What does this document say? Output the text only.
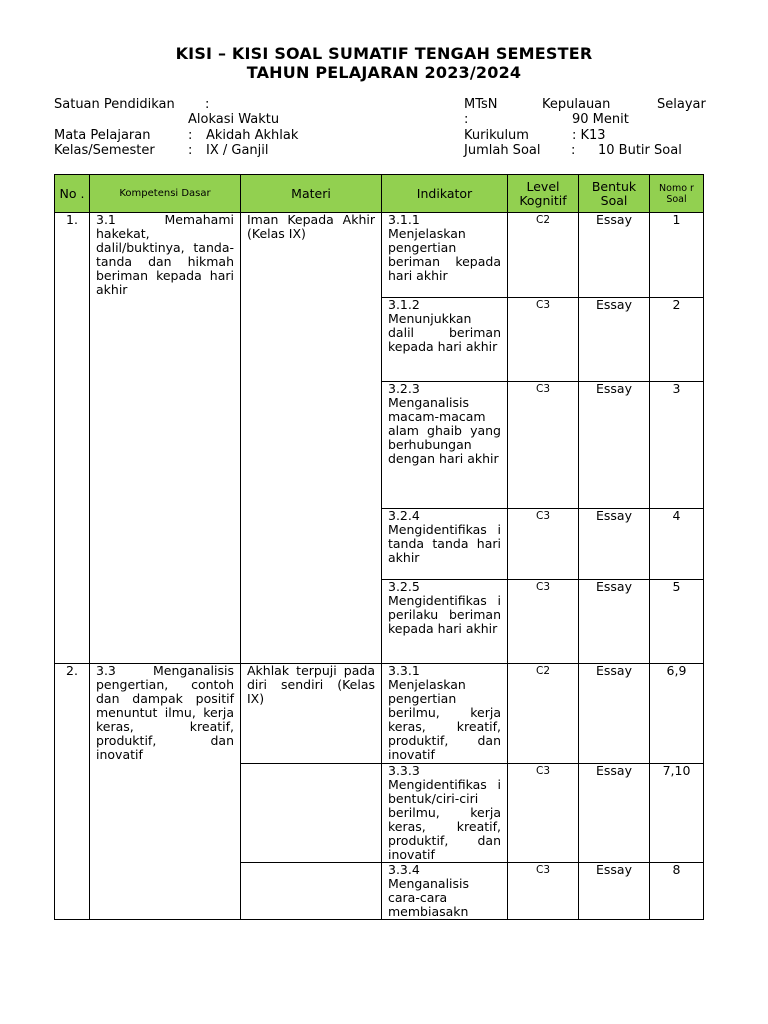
KISI – KISI SOAL SUMATIF TENGAH SEMESTER
TAHUN PELAJARAN 2023/2024
Satuan Pendidikan :
Alokasi Waktu
Mata Pelajaran	: Akidah Akhlak
Kelas/Semester	: IX / Ganjil
MTsN	Kepulauan	Selayar
:	90 Menit
Kurikulum	: K13
Jumlah Soal : 10 Butir Soal
No .	Kompetensi Dasar	Materi	Indikator	Level Kognitif	Bentuk Soal	Nomo r Soal
1.	3.1 Memahami hakekat, dalil/buktinya, tanda-tanda dan hikmah beriman kepada hari akhir	Iman Kepada Akhir (Kelas IX)	3.1.1 Menjelaskan pengertian beriman kepada hari akhir	C2	Essay	1
			3.1.2 Menunjukkan dalil beriman kepada hari akhir	C3	Essay	2
			3.2.3 Menganalisis macam-macam alam ghaib yang berhubungan dengan hari akhir	C3	Essay	3
			3.2.4 Mengidentifikas i tanda tanda hari akhir	C3	Essay	4
			3.2.5 Mengidentifikas i perilaku beriman kepada hari akhir	C3	Essay	5
2.	3.3 Menganalisis pengertian, contoh dan dampak positif menuntut ilmu, kerja keras, kreatif, produktif, dan inovatif	Akhlak terpuji pada diri sendiri (Kelas IX)	3.3.1 Menjelaskan pengertian berilmu, kerja keras, kreatif, produktif, dan inovatif	C2	Essay	6,9
			3.3.3 Mengidentifikas i bentuk/ciri-ciri berilmu, kerja keras, kreatif, produktif, dan inovatif	C3	Essay	7,10
			3.3.4 Menganalisis cara-cara membiasakn	C3	Essay	8
